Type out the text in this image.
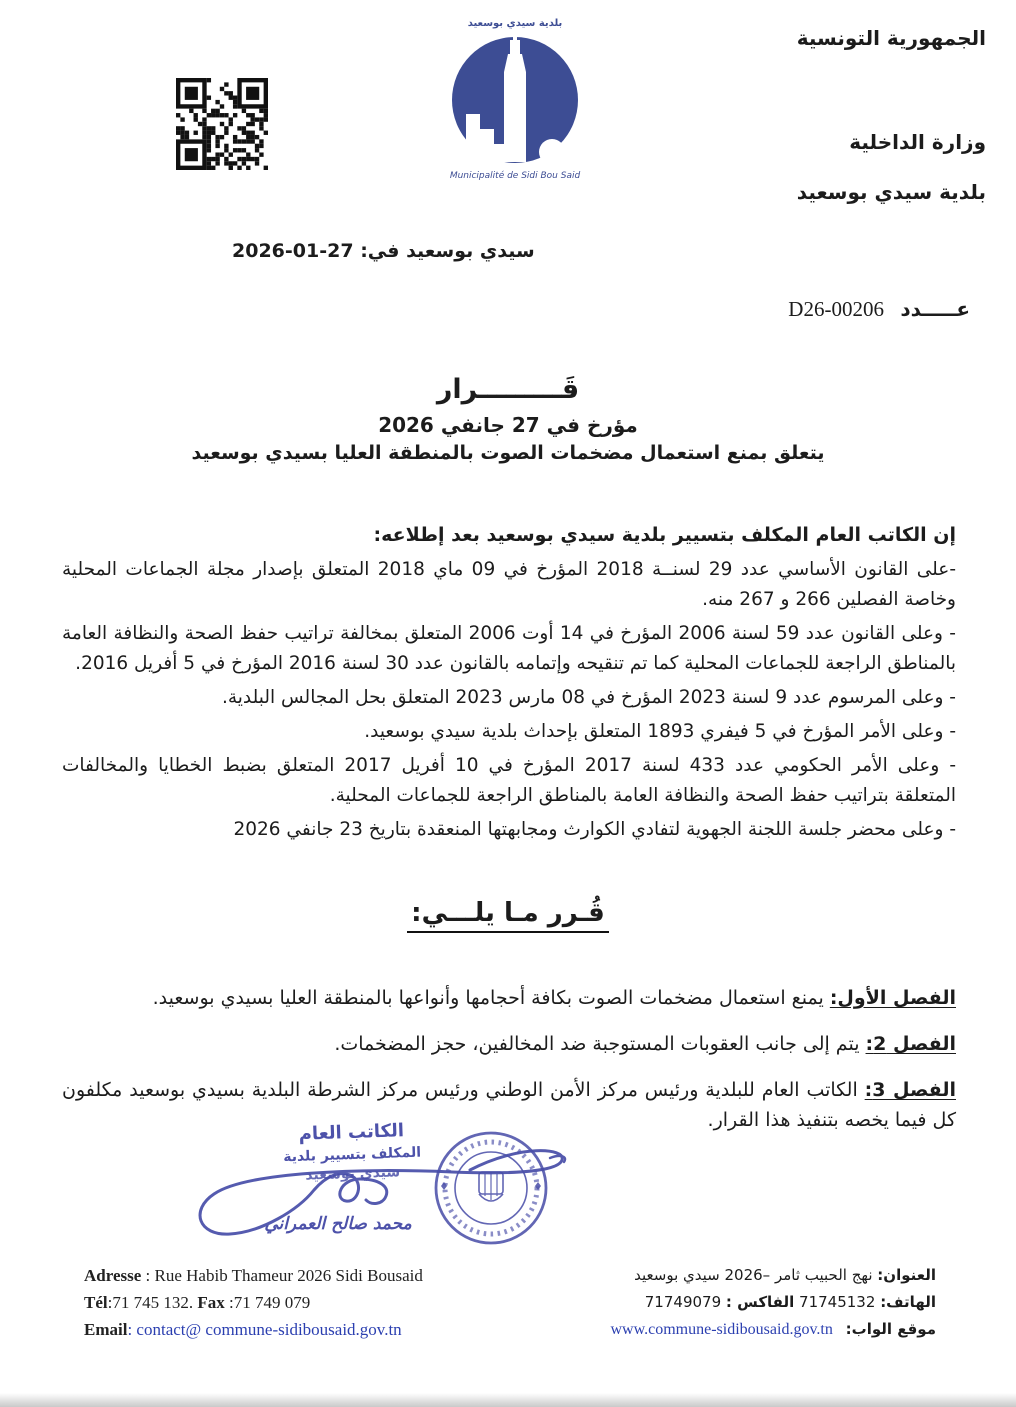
الجمهورية التونسية
وزارة الداخلية
بلدية سيدي بوسعيد
بلدية سيدي بوسعيد
Municipalité de Sidi Bou Said
سيدي بوسعيد في: 27-01-2026
عـــــدد D26-00206
قَـــــــــرار
مؤرخ في 27 جانفي 2026
يتعلق بمنع استعمال مضخمات الصوت بالمنطقة العليا بسيدي بوسعيد

إن الكاتب العام المكلف بتسيير بلدية سيدي بوسعيد بعد إطلاعه:

-على القانون الأساسي عدد 29 لسنــة 2018 المؤرخ في 09 ماي 2018 المتعلق بإصدار مجلة الجماعات المحلية وخاصة الفصلين 266 و 267 منه.

- وعلى القانون عدد 59 لسنة 2006 المؤرخ في 14 أوت 2006 المتعلق بمخالفة تراتيب حفظ الصحة والنظافة العامة بالمناطق الراجعة للجماعات المحلية كما تم تنقيحه وإتمامه بالقانون عدد 30 لسنة 2016 المؤرخ في 5 أفريل 2016.

- وعلى المرسوم عدد 9 لسنة 2023 المؤرخ في 08 مارس 2023 المتعلق بحل المجالس البلدية.

- وعلى الأمر المؤرخ في 5 فيفري 1893 المتعلق بإحداث بلدية سيدي بوسعيد.

- وعلى الأمر الحكومي عدد 433 لسنة 2017 المؤرخ في 10 أفريل 2017 المتعلق بضبط الخطايا والمخالفات المتعلقة بتراتيب حفظ الصحة والنظافة العامة بالمناطق الراجعة للجماعات المحلية.

- وعلى محضر جلسة اللجنة الجهوية لتفادي الكوارث ومجابهتها المنعقدة بتاريخ 23 جانفي 2026

قُـرر مـا يلـــي:

الفصل الأول: يمنع استعمال مضخمات الصوت بكافة أحجامها وأنواعها بالمنطقة العليا بسيدي بوسعيد.

الفصل 2: يتم إلى جانب العقوبات المستوجبة ضد المخالفين، حجز المضخمات.

الفصل 3: الكاتب العام للبلدية ورئيس مركز الأمن الوطني ورئيس مركز الشرطة البلدية بسيدي بوسعيد مكلفون كل فيما يخصه بتنفيذ هذا القرار.

الكاتب العام
المكلف بتسيير بلدية
سيدي بوسعيد
محمد صالح العمراني
Adresse : Rue Habib Thameur 2026 Sidi Bousaid
Tél:71 745 132. Fax :71 749 079
Email: contact@ commune-sidibousaid.gov.tn
العنوان: نهج الحبيب ثامر –2026 سيدي بوسعيد
الهاتف: 71745132 الفاكس : 71749079
موقع الواب: www.commune-sidibousaid.gov.tn
